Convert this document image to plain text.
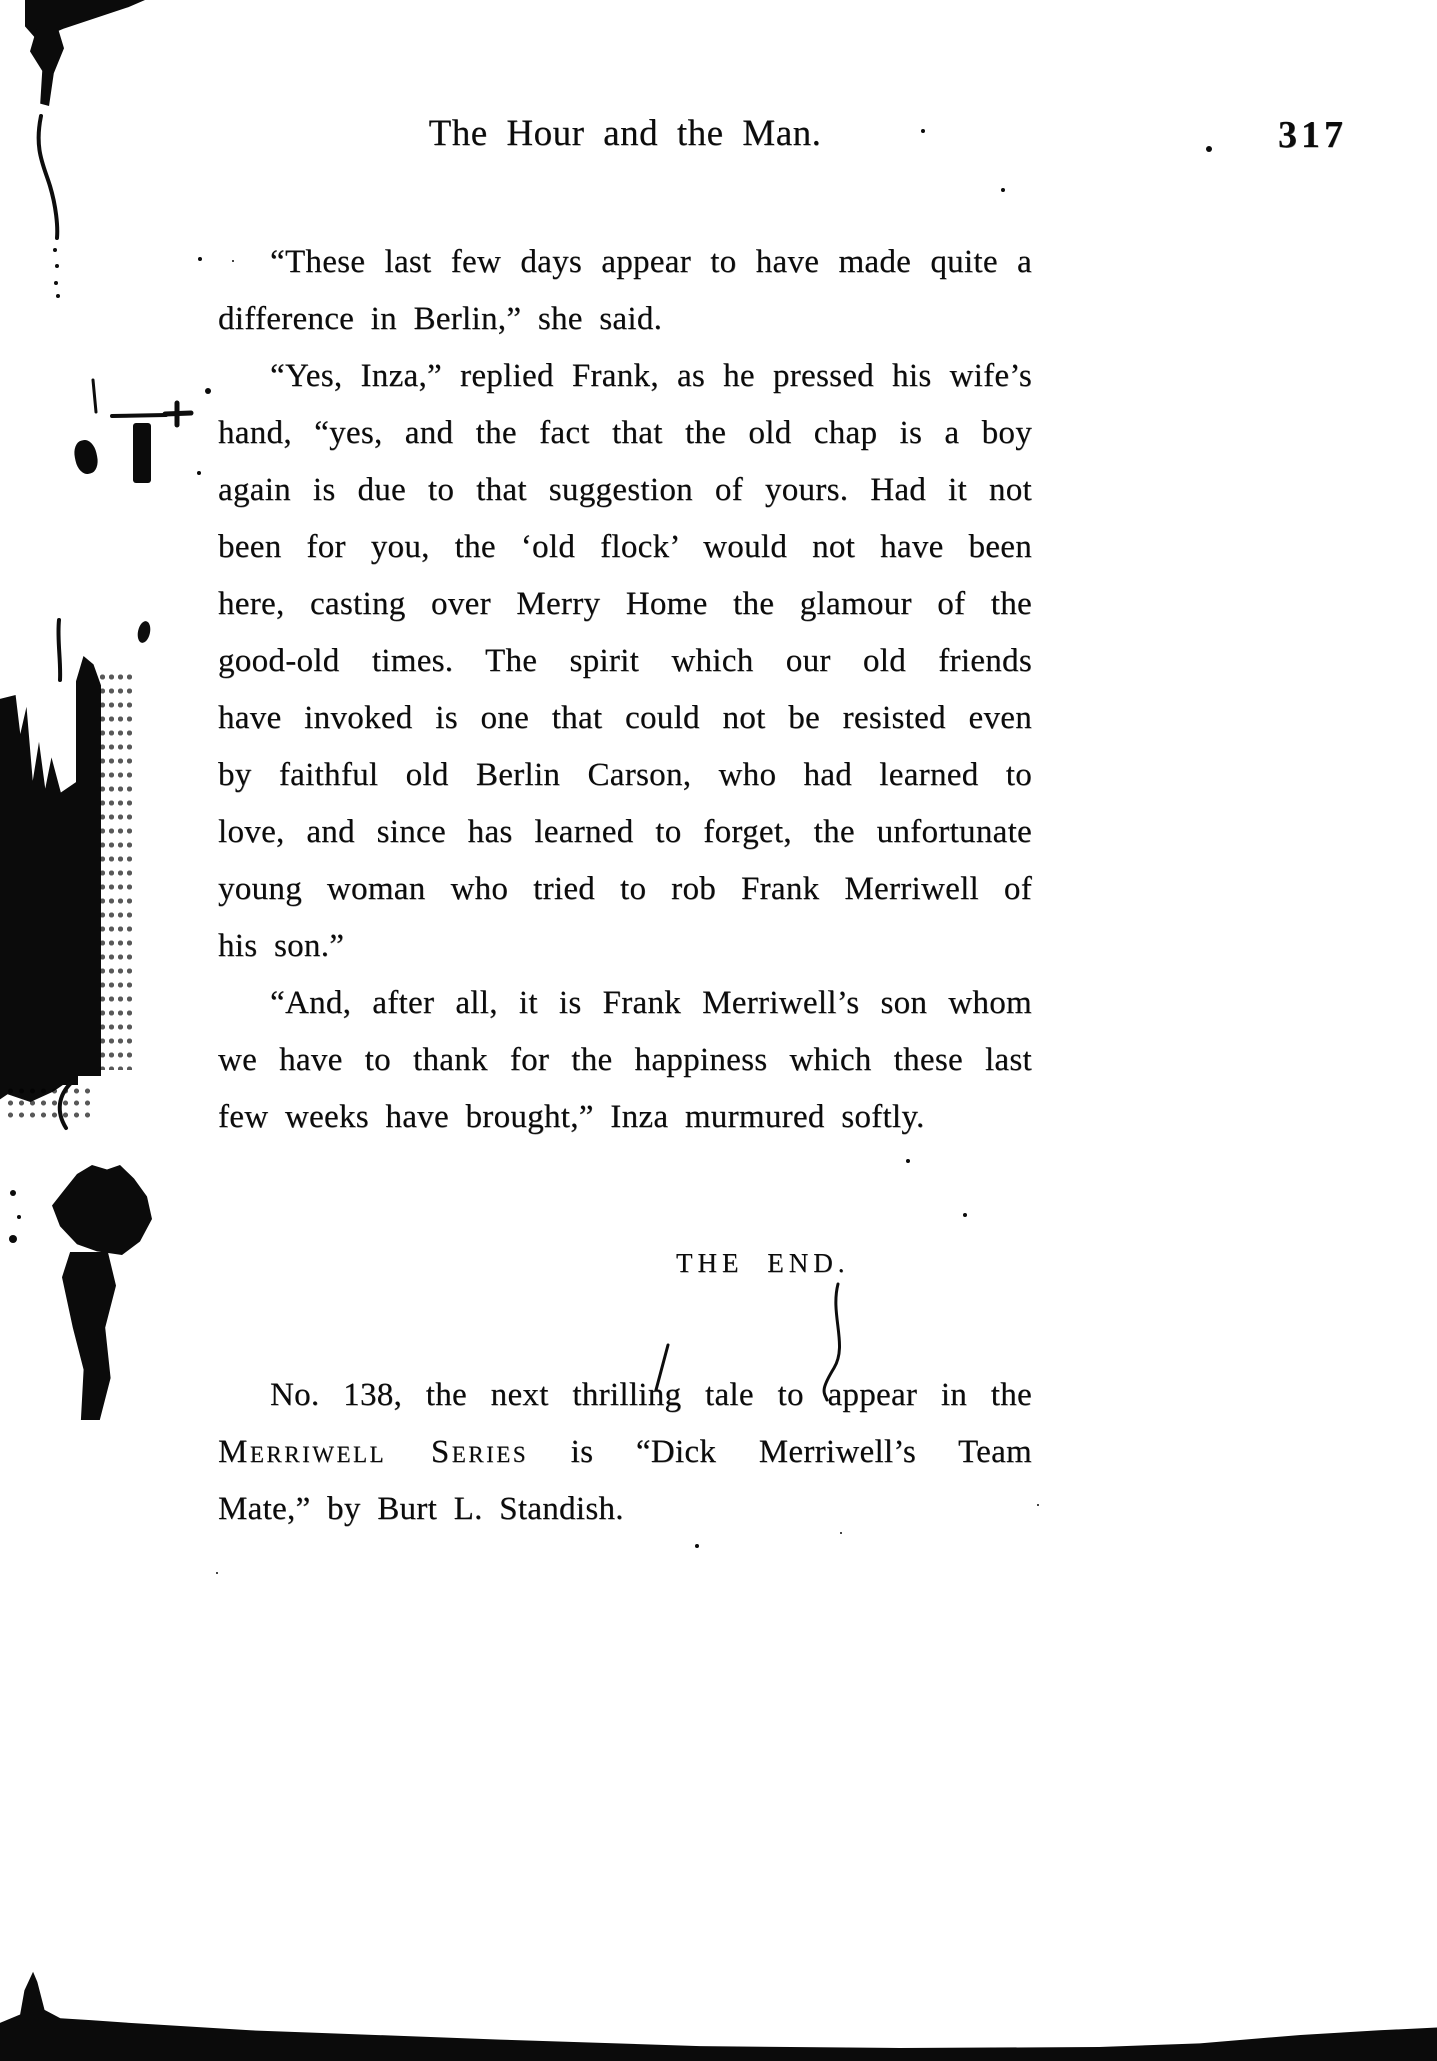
The Hour and the Man.	317
“These last few days appear to have made quite a
difference in Berlin,” she said.
“Yes, Inza,” replied Frank, as he pressed his wife’s
hand, “yes, and the fact that the old chap is a boy
again is due to that suggestion of yours. Had it not
been for you, the ‘old flock’ would not have been
here, casting over Merry Home the glamour of the
good-old times. The spirit which our old friends
have invoked is one that could not be resisted even
by faithful old Berlin Carson, who had learned to
love, and since has learned to forget, the unfortunate
young woman who tried to rob Frank Merriwell of
his son.”
“And, after all, it is Frank Merriwell’s son whom
we have to thank for the happiness which these last
few weeks have brought,” Inza murmured softly.
THE END.
No. 138, the next thrilling tale to appear in the
Merriwell Series is “Dick Merriwell’s Team
Mate,” by Burt L. Standish.
